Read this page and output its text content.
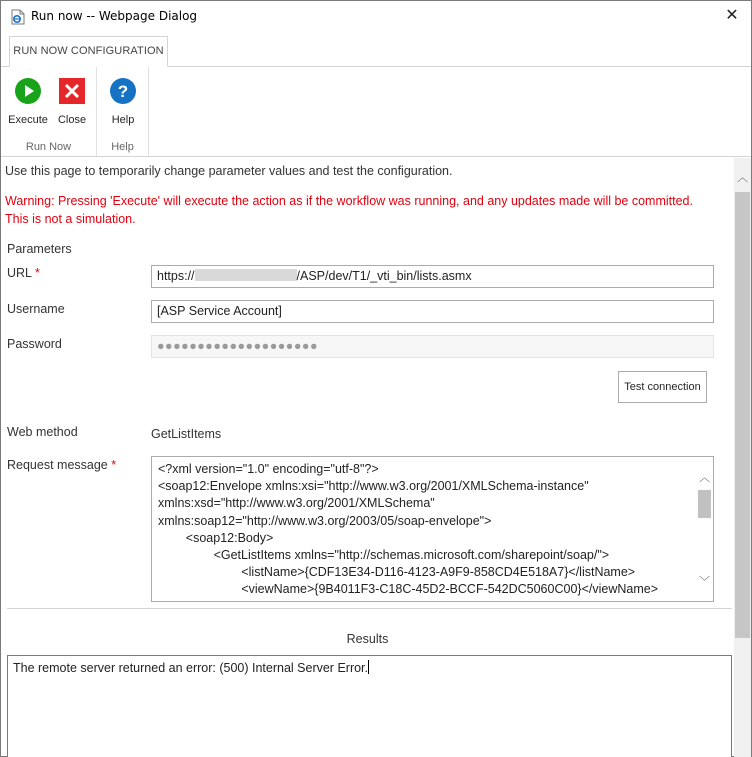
Run now -- Webpage Dialog	✕
RUN NOW CONFIGURATION
Execute Close
Run Now
?
Help
Help
Use this page to temporarily change parameter values and test the configuration.
Warning: Pressing 'Execute' will execute the action as if the workflow was running, and any updates made will be committed.
This is not a simulation.
Parameters
URL *	https://	/ASP/dev/T1/_vti_bin/lists.asmx
Username	[ASP Service Account]
Password	●●●●●●●●●●●●●●●●●●●●
Test connection
Web method	GetListItems
Request message *	<?xml version="1.0" encoding="utf-8"?>
<soap12:Envelope xmlns:xsi="http://www.w3.org/2001/XMLSchema-instance"
xmlns:xsd="http://www.w3.org/2001/XMLSchema"
xmlns:soap12="http://www.w3.org/2003/05/soap-envelope">
<soap12:Body>
<GetListItems xmlns="http://schemas.microsoft.com/sharepoint/soap/">
<listName>{CDF13E34-D116-4123-A9F9-858CD4E518A7}</listName>
<viewName>{9B4011F3-C18C-45D2-BCCF-542DC5060C00}</viewName>
︿
﹀
Results
The remote server returned an error: (500) Internal Server Error.
︿
